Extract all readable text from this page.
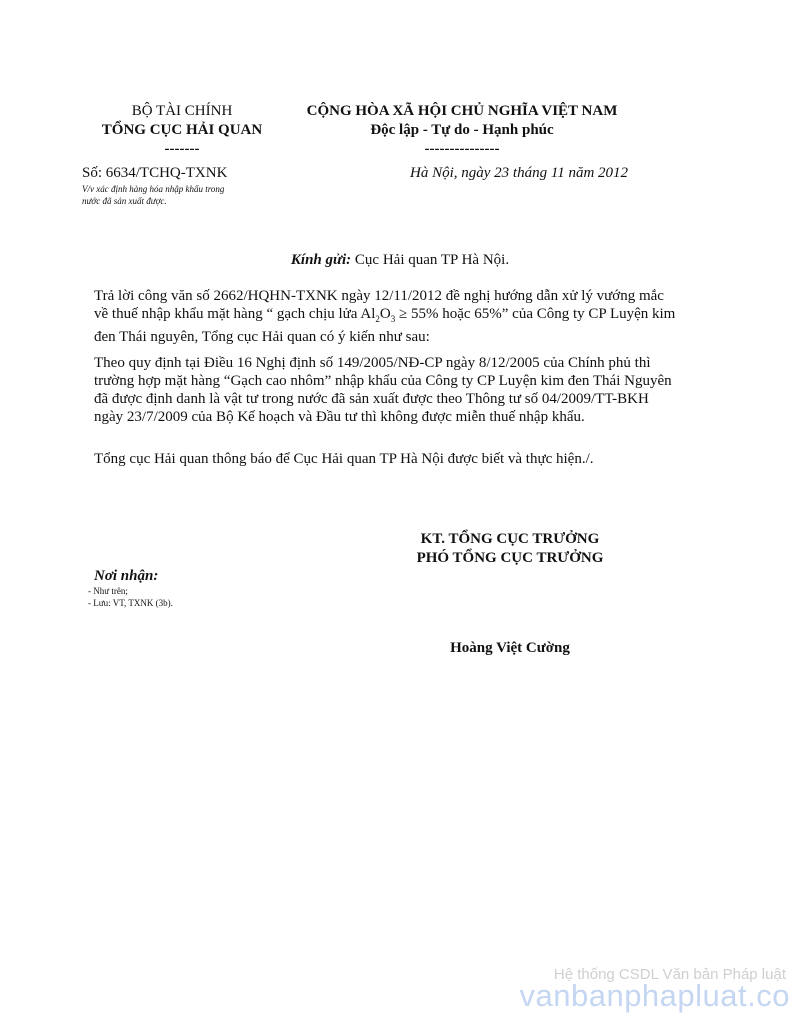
BỘ TÀI CHÍNH
TỔNG CỤC HẢI QUAN
-------
CỘNG HÒA XÃ HỘI CHỦ NGHĨA VIỆT NAM
Độc lập - Tự do - Hạnh phúc
---------------
Số: 6634/TCHQ-TXNK
V/v xác định hàng hóa nhập khẩu trong
nước đã sản xuất được.
Hà Nội, ngày 23 tháng 11 năm 2012
Kính gửi: Cục Hải quan TP Hà Nội.
Trả lời công văn số 2662/HQHN-TXNK ngày 12/11/2012 đề nghị hướng dẫn xử lý vướng mắc
về thuế nhập khẩu mặt hàng “ gạch chịu lửa $Al_2O_3 \ge 55\%$ hoặc 65%” của Công ty CP Luyện kim
đen Thái nguyên, Tổng cục Hải quan có ý kiến như sau:
Theo quy định tại Điều 16 Nghị định số 149/2005/NĐ-CP ngày 8/12/2005 của Chính phủ thì
trường hợp mặt hàng “Gạch cao nhôm” nhập khẩu của Công ty CP Luyện kim đen Thái Nguyên
đã được định danh là vật tư trong nước đã sản xuất được theo Thông tư số 04/2009/TT-BKH
ngày 23/7/2009 của Bộ Kế hoạch và Đầu tư thì không được miễn thuế nhập khẩu.
Tổng cục Hải quan thông báo để Cục Hải quan TP Hà Nội được biết và thực hiện./.
KT. TỔNG CỤC TRƯỞNG
PHÓ TỔNG CỤC TRƯỞNG
Nơi nhận:
- Như trên;
- Lưu: VT, TXNK (3b).
Hoàng Việt Cường
Hệ thống CSDL Văn bản Pháp luật
vanbanphapluat.co
